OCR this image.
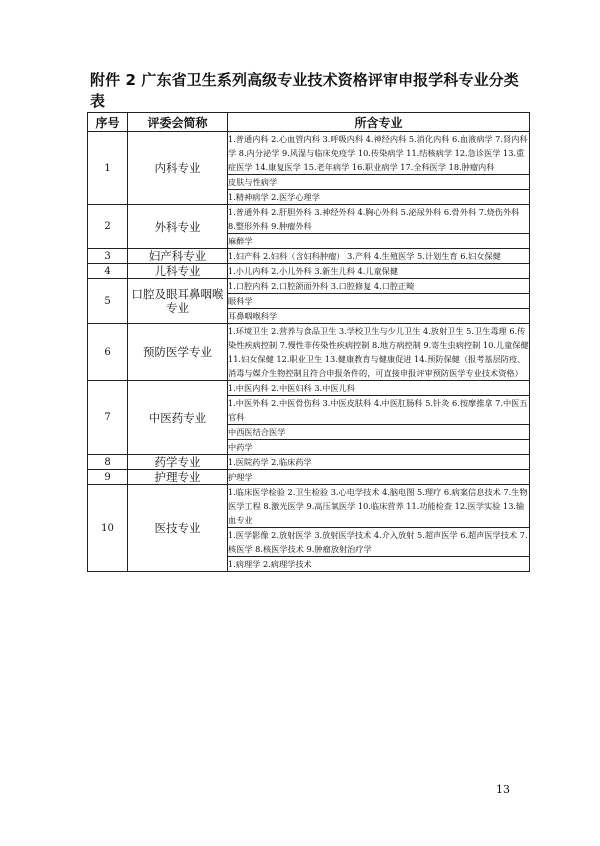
附件 2 广东省卫生系列高级专业技术资格评审申报学科专业分类表
序号	评委会简称	所含专业
1	内科专业	1.普通内科 2.心血管内科 3.呼吸内科 4.神经内科 5.消化内科 6.血液病学 7.肾内科学 8.内分泌学 9.风湿与临床免疫学 10.传染病学 11.结核病学 12.急诊医学 13.重症医学 14.康复医学 15.老年病学 16.职业病学 17.全科医学 18.肿瘤内科
		皮肤与性病学
		1.精神病学 2.医学心理学
2	外科专业	1.普通外科 2.肝胆外科 3.神经外科 4.胸心外科 5.泌尿外科 6.骨外科 7.烧伤外科 8.整形外科 9.肿瘤外科
		麻醉学
3	妇产科专业	1.妇产科 2.妇科（含妇科肿瘤） 3.产科 4.生殖医学 5.计划生育 6.妇女保健
4	儿科专业	1.小儿内科 2.小儿外科 3.新生儿科 4.儿童保健
5	口腔及眼耳鼻咽喉专业	1.口腔内科 2.口腔颌面外科 3.口腔修复 4.口腔正畸
		眼科学
		耳鼻咽喉科学
6	预防医学专业	1.环境卫生 2.营养与食品卫生 3.学校卫生与少儿卫生 4.放射卫生 5.卫生毒理 6.传染性疾病控制 7.慢性非传染性疾病控制 8.地方病控制 9.寄生虫病控制 10.儿童保健 11.妇女保健 12.职业卫生 13.健康教育与健康促进 14.预防保健（报考基层防疫、消毒与媒介生物控制且符合申报条件的，可直接申报评审预防医学专业技术资格）
7	中医药专业	1.中医内科 2.中医妇科 3.中医儿科
		1.中医外科 2.中医骨伤科 3.中医皮肤科 4.中医肛肠科 5.针灸 6.按摩推拿 7.中医五官科
		中西医结合医学
		中药学
8	药学专业	1.医院药学 2.临床药学
9	护理专业	护理学
10	医技专业	1.临床医学检验 2.卫生检验 3.心电学技术 4.脑电图 5.理疗 6.病案信息技术 7.生物医学工程 8.激光医学 9.高压氧医学 10.临床营养 11.功能检查 12.医学实验 13.输血专业
		1.医学影像 2.放射医学 3.放射医学技术 4.介入放射 5.超声医学 6.超声医学技术 7.核医学 8.核医学技术 9.肿瘤放射治疗学
		1.病理学 2.病理学技术
13
